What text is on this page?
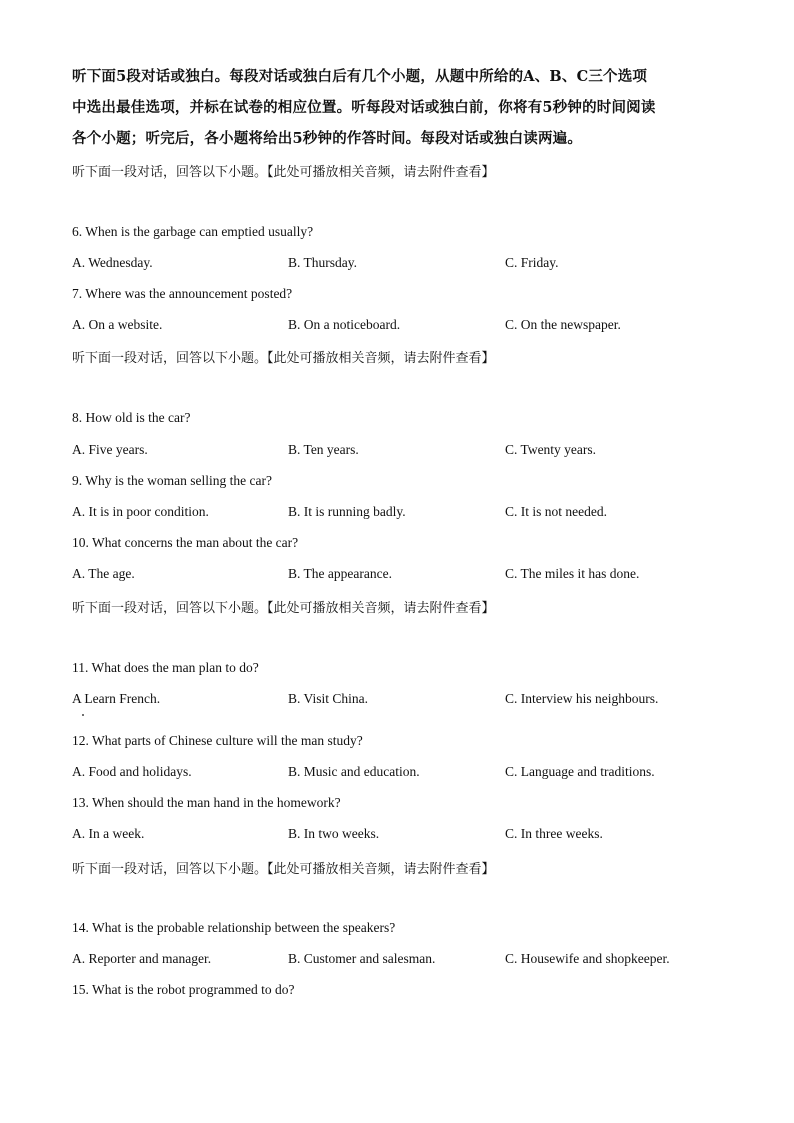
听下面5段对话或独白。每段对话或独白后有几个小题，从题中所给的A、B、C三个选项

中选出最佳选项，并标在试卷的相应位置。听每段对话或独白前，你将有5秒钟的时间阅读

各个小题；听完后，各小题将给出5秒钟的作答时间。每段对话或独白读两遍。

听下面一段对话，回答以下小题。【此处可播放相关音频，请去附件查看】
6. When is the garbage can emptied usually?
A. Wednesday.	B. Thursday.	C. Friday.
7. Where was the announcement posted?
A. On a website.	B. On a noticeboard.	C. On the newspaper.
听下面一段对话，回答以下小题。【此处可播放相关音频，请去附件查看】
8. How old is the car?
A. Five years.	B. Ten years.	C. Twenty years.
9. Why is the woman selling the car?
A. It is in poor condition.	B. It is running badly.	C. It is not needed.
10. What concerns the man about the car?
A. The age.	B. The appearance.	C. The miles it has done.
听下面一段对话，回答以下小题。【此处可播放相关音频，请去附件查看】
11. What does the man plan to do?
A Learn French.	B. Visit China.	C. Interview his neighbours.
12. What parts of Chinese culture will the man study?
A. Food and holidays.	B. Music and education.	C. Language and traditions.
13. When should the man hand in the homework?
A. In a week.	B. In two weeks.	C. In three weeks.
听下面一段对话，回答以下小题。【此处可播放相关音频，请去附件查看】
14. What is the probable relationship between the speakers?
A. Reporter and manager.	B. Customer and salesman.	C. Housewife and shopkeeper.
15. What is the robot programmed to do?
